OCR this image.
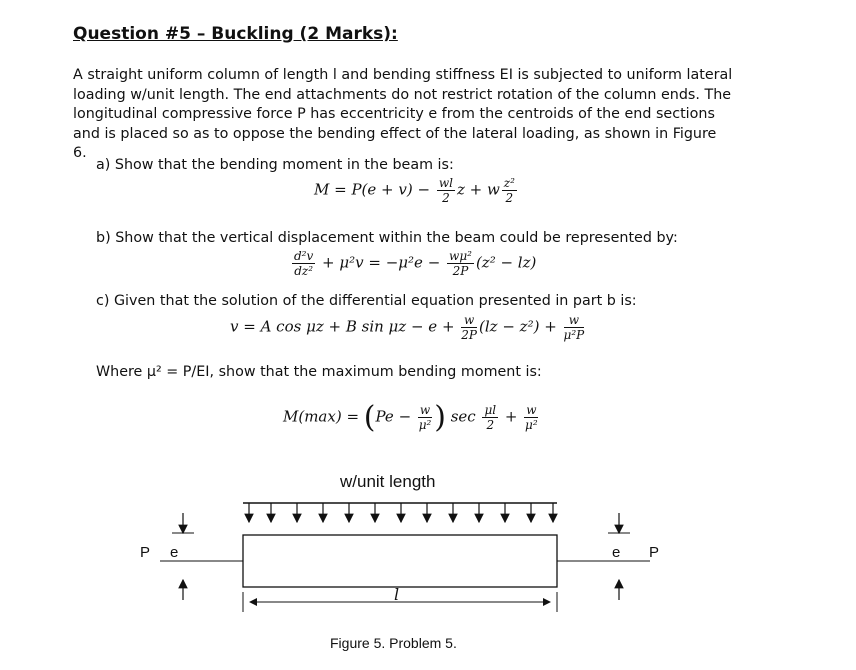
Question #5 – Buckling (2 Marks):
A straight uniform column of length l and bending stiffness EI is subjected to uniform lateral loading w/unit length. The end attachments do not restrict rotation of the column ends. The longitudinal compressive force P has eccentricity e from the centroids of the end sections and is placed so as to oppose the bending effect of the lateral loading, as shown in Figure 6.
a) Show that the bending moment in the beam is:
$M = P(e + v) - \frac{wl}{2}$ z + w $\frac{\text{z²}}{2}$
b) Show that the vertical displacement within the beam could be represented by:
$\frac{\text{d²v}}{\text{dz²}} + \mu^2v = -\mu^2e - \frac{\text{wμ²}}{2P} (z^2 - lz)$
c) Given that the solution of the differential equation presented in part b is:
v = A cos μz + B $\sin \mu z - e + \frac{w}{2P} (lz - z^2) + \frac{w}{\text{μ²P}}$
Where μ² = P/EI, show that the maximum bending moment is:
$M(\max) = (Pe - \frac{w}{\text{μ²}}$ ) $\sec \frac{\mu l}{2} + \frac{w}{\text{μ²}}$
w/unit length
P e	e P
l
Figure 5. Problem 5.
